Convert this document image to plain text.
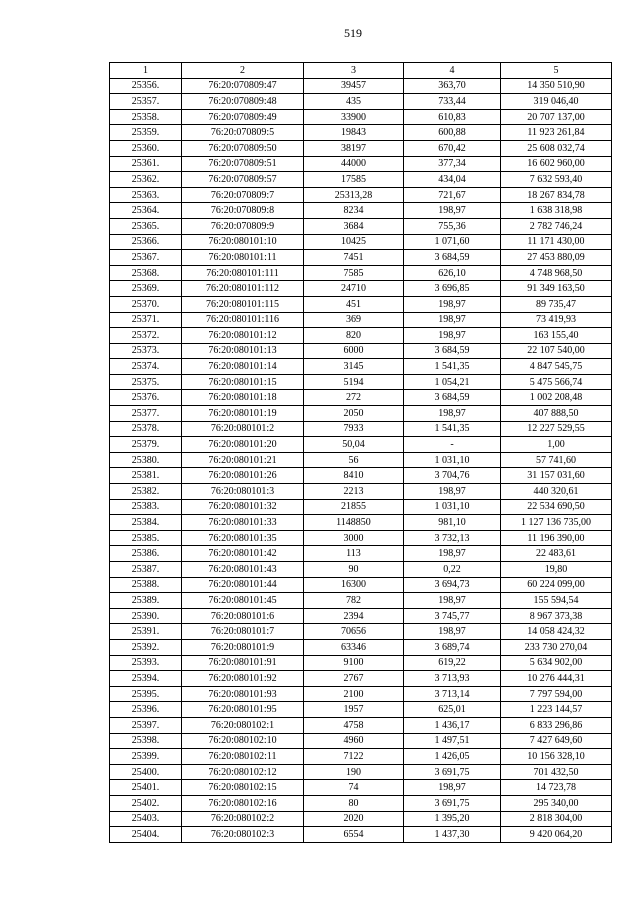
519
1	2	3	4	5
25356.	76:20:070809:47	39457	363,70	14 350 510,90
25357.	76:20:070809:48	435	733,44	319 046,40
25358.	76:20:070809:49	33900	610,83	20 707 137,00
25359.	76:20:070809:5	19843	600,88	11 923 261,84
25360.	76:20:070809:50	38197	670,42	25 608 032,74
25361.	76:20:070809:51	44000	377,34	16 602 960,00
25362.	76:20:070809:57	17585	434,04	7 632 593,40
25363.	76:20:070809:7	25313,28	721,67	18 267 834,78
25364.	76:20:070809:8	8234	198,97	1 638 318,98
25365.	76:20:070809:9	3684	755,36	2 782 746,24
25366.	76:20:080101:10	10425	1 071,60	11 171 430,00
25367.	76:20:080101:11	7451	3 684,59	27 453 880,09
25368.	76:20:080101:111	7585	626,10	4 748 968,50
25369.	76:20:080101:112	24710	3 696,85	91 349 163,50
25370.	76:20:080101:115	451	198,97	89 735,47
25371.	76:20:080101:116	369	198,97	73 419,93
25372.	76:20:080101:12	820	198,97	163 155,40
25373.	76:20:080101:13	6000	3 684,59	22 107 540,00
25374.	76:20:080101:14	3145	1 541,35	4 847 545,75
25375.	76:20:080101:15	5194	1 054,21	5 475 566,74
25376.	76:20:080101:18	272	3 684,59	1 002 208,48
25377.	76:20:080101:19	2050	198,97	407 888,50
25378.	76:20:080101:2	7933	1 541,35	12 227 529,55
25379.	76:20:080101:20	50,04	-	1,00
25380.	76:20:080101:21	56	1 031,10	57 741,60
25381.	76:20:080101:26	8410	3 704,76	31 157 031,60
25382.	76:20:080101:3	2213	198,97	440 320,61
25383.	76:20:080101:32	21855	1 031,10	22 534 690,50
25384.	76:20:080101:33	1148850	981,10	1 127 136 735,00
25385.	76:20:080101:35	3000	3 732,13	11 196 390,00
25386.	76:20:080101:42	113	198,97	22 483,61
25387.	76:20:080101:43	90	0,22	19,80
25388.	76:20:080101:44	16300	3 694,73	60 224 099,00
25389.	76:20:080101:45	782	198,97	155 594,54
25390.	76:20:080101:6	2394	3 745,77	8 967 373,38
25391.	76:20:080101:7	70656	198,97	14 058 424,32
25392.	76:20:080101:9	63346	3 689,74	233 730 270,04
25393.	76:20:080101:91	9100	619,22	5 634 902,00
25394.	76:20:080101:92	2767	3 713,93	10 276 444,31
25395.	76:20:080101:93	2100	3 713,14	7 797 594,00
25396.	76:20:080101:95	1957	625,01	1 223 144,57
25397.	76:20:080102:1	4758	1 436,17	6 833 296,86
25398.	76:20:080102:10	4960	1 497,51	7 427 649,60
25399.	76:20:080102:11	7122	1 426,05	10 156 328,10
25400.	76:20:080102:12	190	3 691,75	701 432,50
25401.	76:20:080102:15	74	198,97	14 723,78
25402.	76:20:080102:16	80	3 691,75	295 340,00
25403.	76:20:080102:2	2020	1 395,20	2 818 304,00
25404.	76:20:080102:3	6554	1 437,30	9 420 064,20
